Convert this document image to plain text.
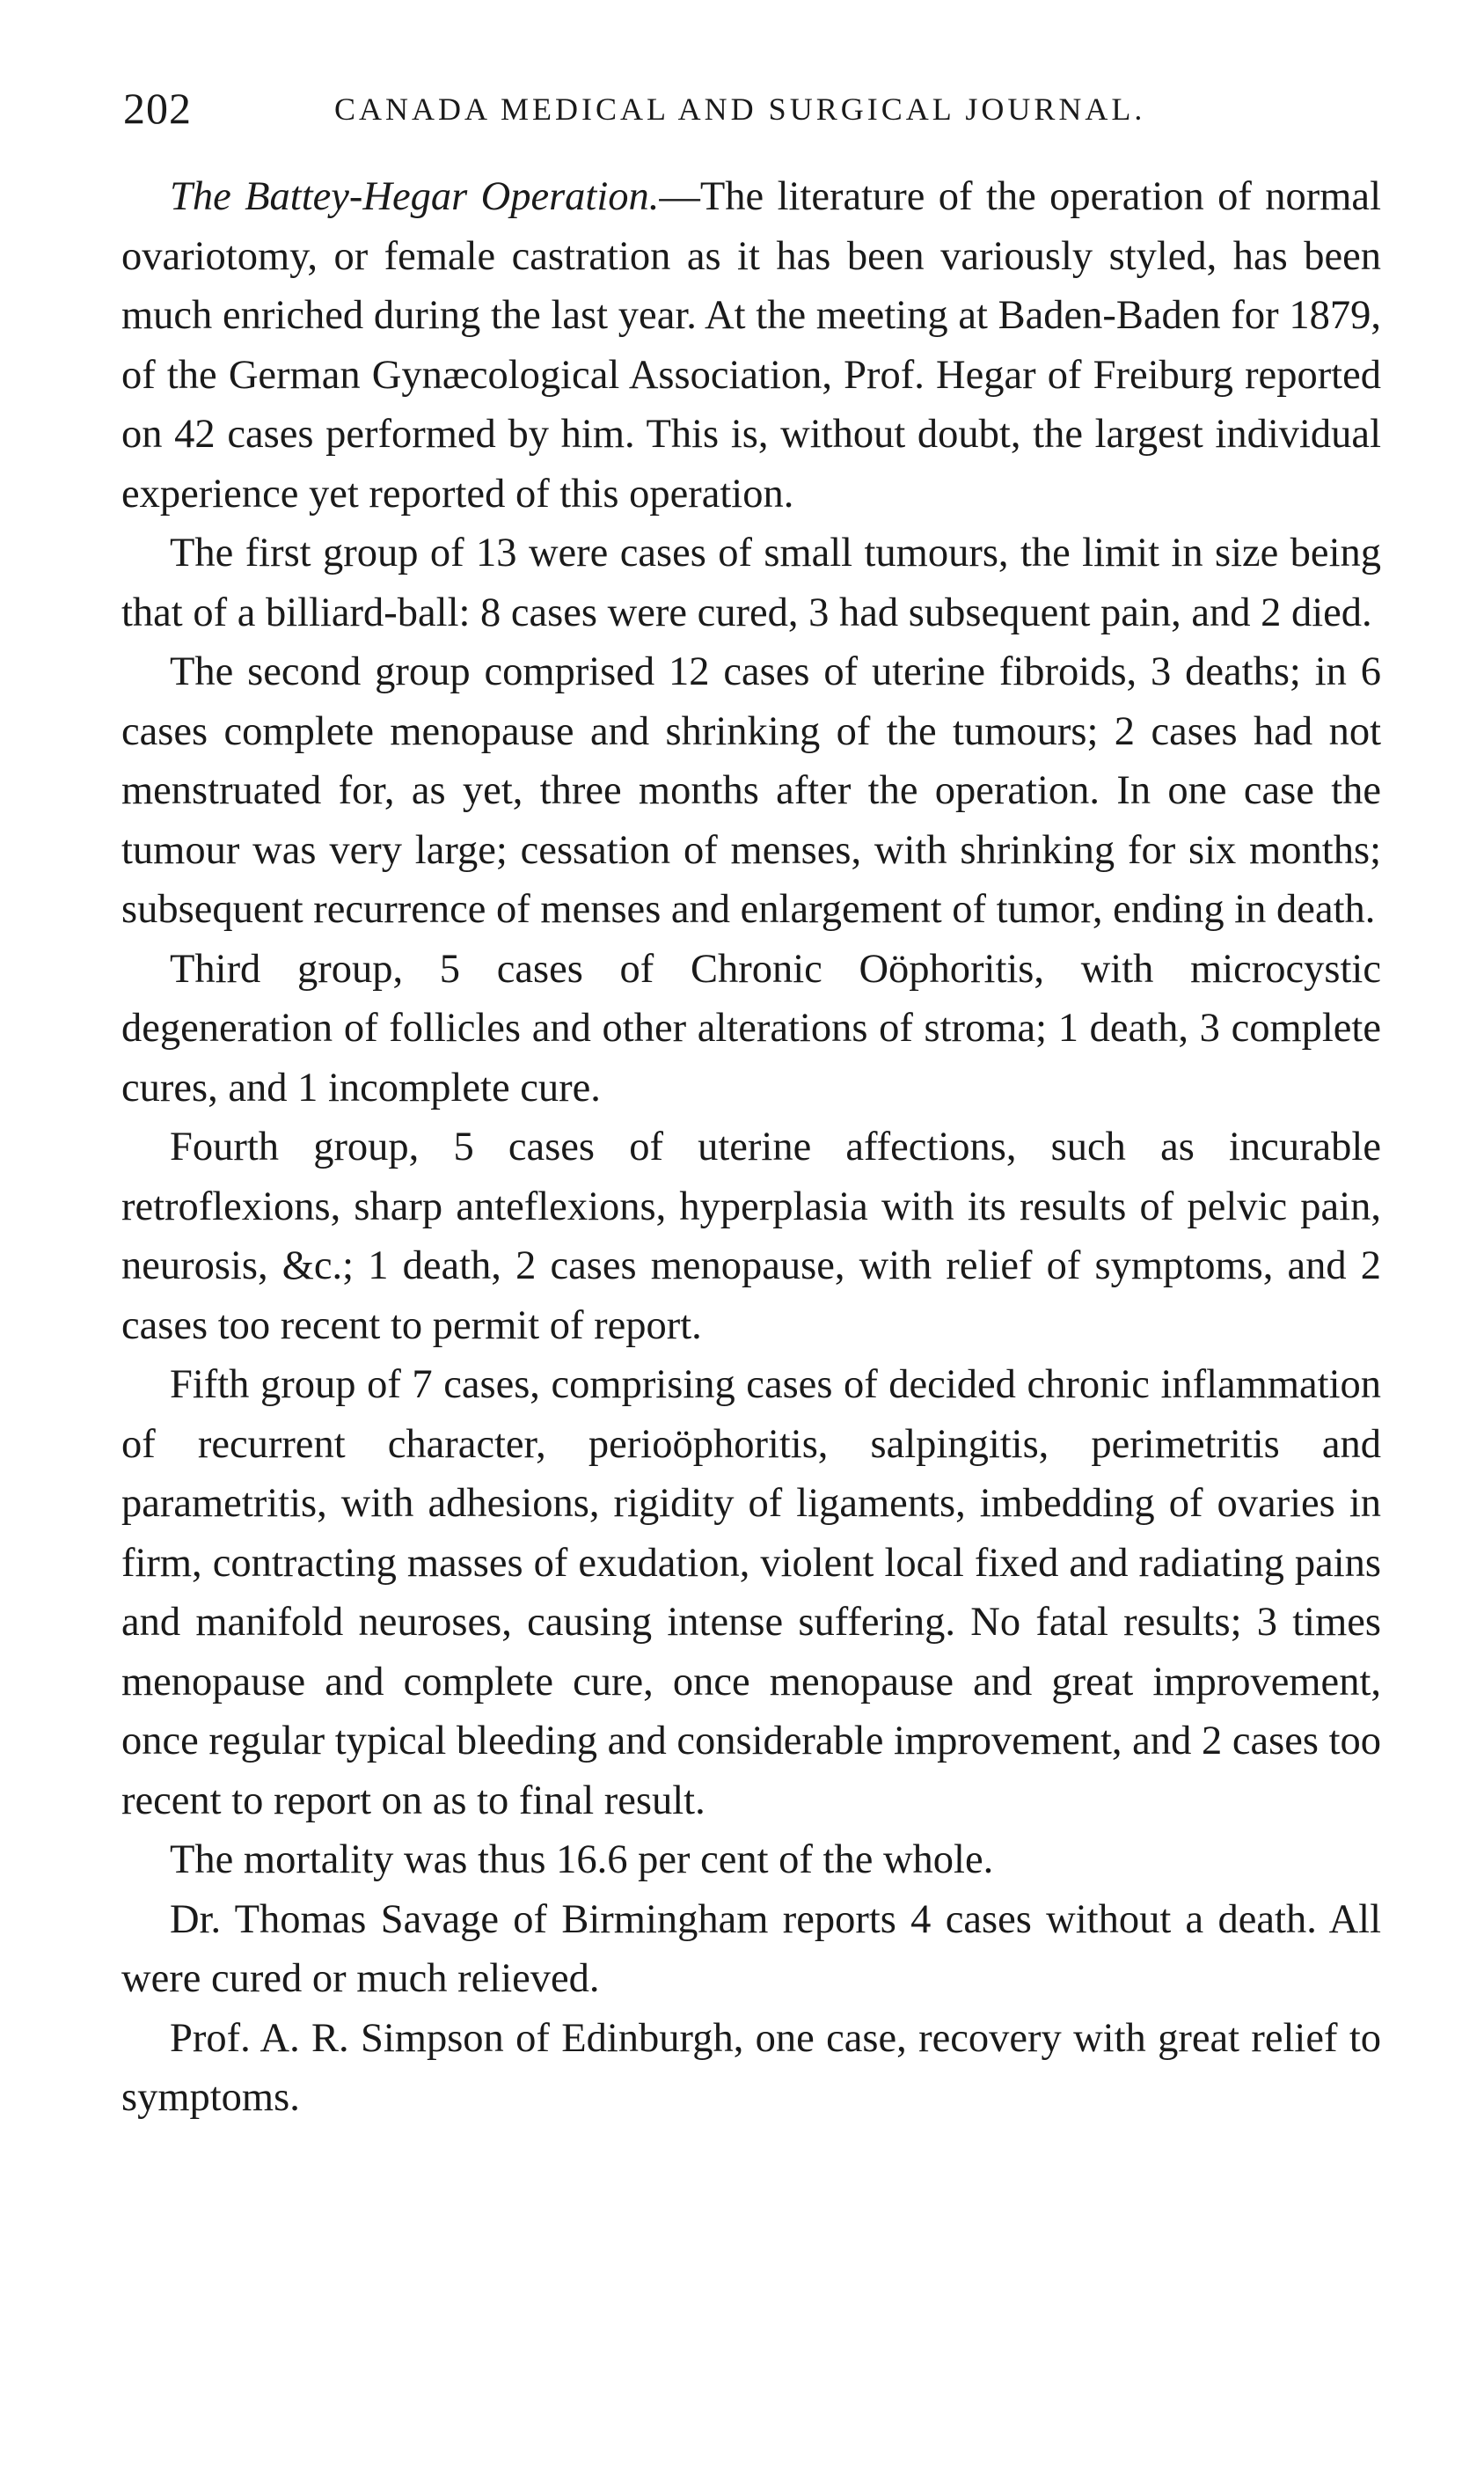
202	CANADA MEDICAL AND SURGICAL JOURNAL.

The Battey-Hegar Operation.—The literature of the operation of normal ovariotomy, or female castration as it has been variously styled, has been much enriched during the last year. At the meeting at Baden-Baden for 1879, of the German Gynæcological Association, Prof. Hegar of Freiburg reported on 42 cases performed by him. This is, without doubt, the largest individual experience yet reported of this operation.

The first group of 13 were cases of small tumours, the limit in size being that of a billiard-ball: 8 cases were cured, 3 had subsequent pain, and 2 died.

The second group comprised 12 cases of uterine fibroids, 3 deaths; in 6 cases complete menopause and shrinking of the tumours; 2 cases had not menstruated for, as yet, three months after the operation. In one case the tumour was very large; cessation of menses, with shrinking for six months; subsequent recurrence of menses and enlargement of tumor, ending in death.

Third group, 5 cases of Chronic Oöphoritis, with microcystic degeneration of follicles and other alterations of stroma; 1 death, 3 complete cures, and 1 incomplete cure.

Fourth group, 5 cases of uterine affections, such as incurable retroflexions, sharp anteflexions, hyperplasia with its results of pelvic pain, neurosis, &c.; 1 death, 2 cases menopause, with relief of symptoms, and 2 cases too recent to permit of report.

Fifth group of 7 cases, comprising cases of decided chronic inflammation of recurrent character, perioöphoritis, salpingitis, perimetritis and parametritis, with adhesions, rigidity of ligaments, imbedding of ovaries in firm, contracting masses of exudation, violent local fixed and radiating pains and manifold neuroses, causing intense suffering. No fatal results; 3 times menopause and complete cure, once menopause and great improvement, once regular typical bleeding and considerable improvement, and 2 cases too recent to report on as to final result.

The mortality was thus 16.6 per cent of the whole.

Dr. Thomas Savage of Birmingham reports 4 cases without a death. All were cured or much relieved.

Prof. A. R. Simpson of Edinburgh, one case, recovery with great relief to symptoms.
